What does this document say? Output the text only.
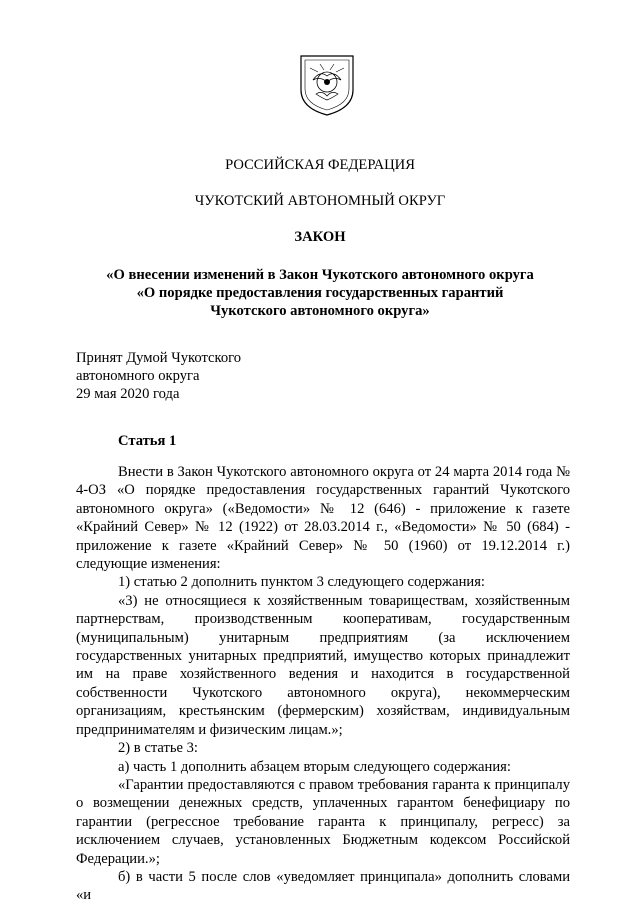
РОССИЙСКАЯ ФЕДЕРАЦИЯ
ЧУКОТСКИЙ АВТОНОМНЫЙ ОКРУГ
ЗАКОН
«О внесении изменений в Закон Чукотского автономного округа
«О порядке предоставления государственных гарантий
Чукотского автономного округа»
Принят Думой Чукотского
автономного округа
29 мая 2020 года
Статья 1

Внести в Закон Чукотского автономного округа от 24 марта 2014 года № 4-ОЗ «О порядке предоставления государственных гарантий Чукотского автономного округа» («Ведомости» № 12 (646) - приложение к газете «Крайний Север» № 12 (1922) от 28.03.2014 г., «Ведомости» № 50 (684) - приложение к газете «Крайний Север» № 50 (1960) от 19.12.2014 г.) следующие изменения:

1) статью 2 дополнить пунктом 3 следующего содержания:

«3) не относящиеся к хозяйственным товариществам, хозяйственным партнерствам, производственным кооперативам, государственным (муниципальным) унитарным предприятиям (за исключением государственных унитарных предприятий, имущество которых принадлежит им на праве хозяйственного ведения и находится в государственной собственности Чукотского автономного округа), некоммерческим организациям, крестьянским (фермерским) хозяйствам, индивидуальным предпринимателям и физическим лицам.»;

2) в статье 3:

а) часть 1 дополнить абзацем вторым следующего содержания:

«Гарантии предоставляются с правом требования гаранта к принципалу о возмещении денежных средств, уплаченных гарантом бенефициару по гарантии (регрессное требование гаранта к принципалу, регресс) за исключением случаев, установленных Бюджетным кодексом Российской Федерации.»;

б) в части 5 после слов «уведомляет принципала» дополнить словами «и
